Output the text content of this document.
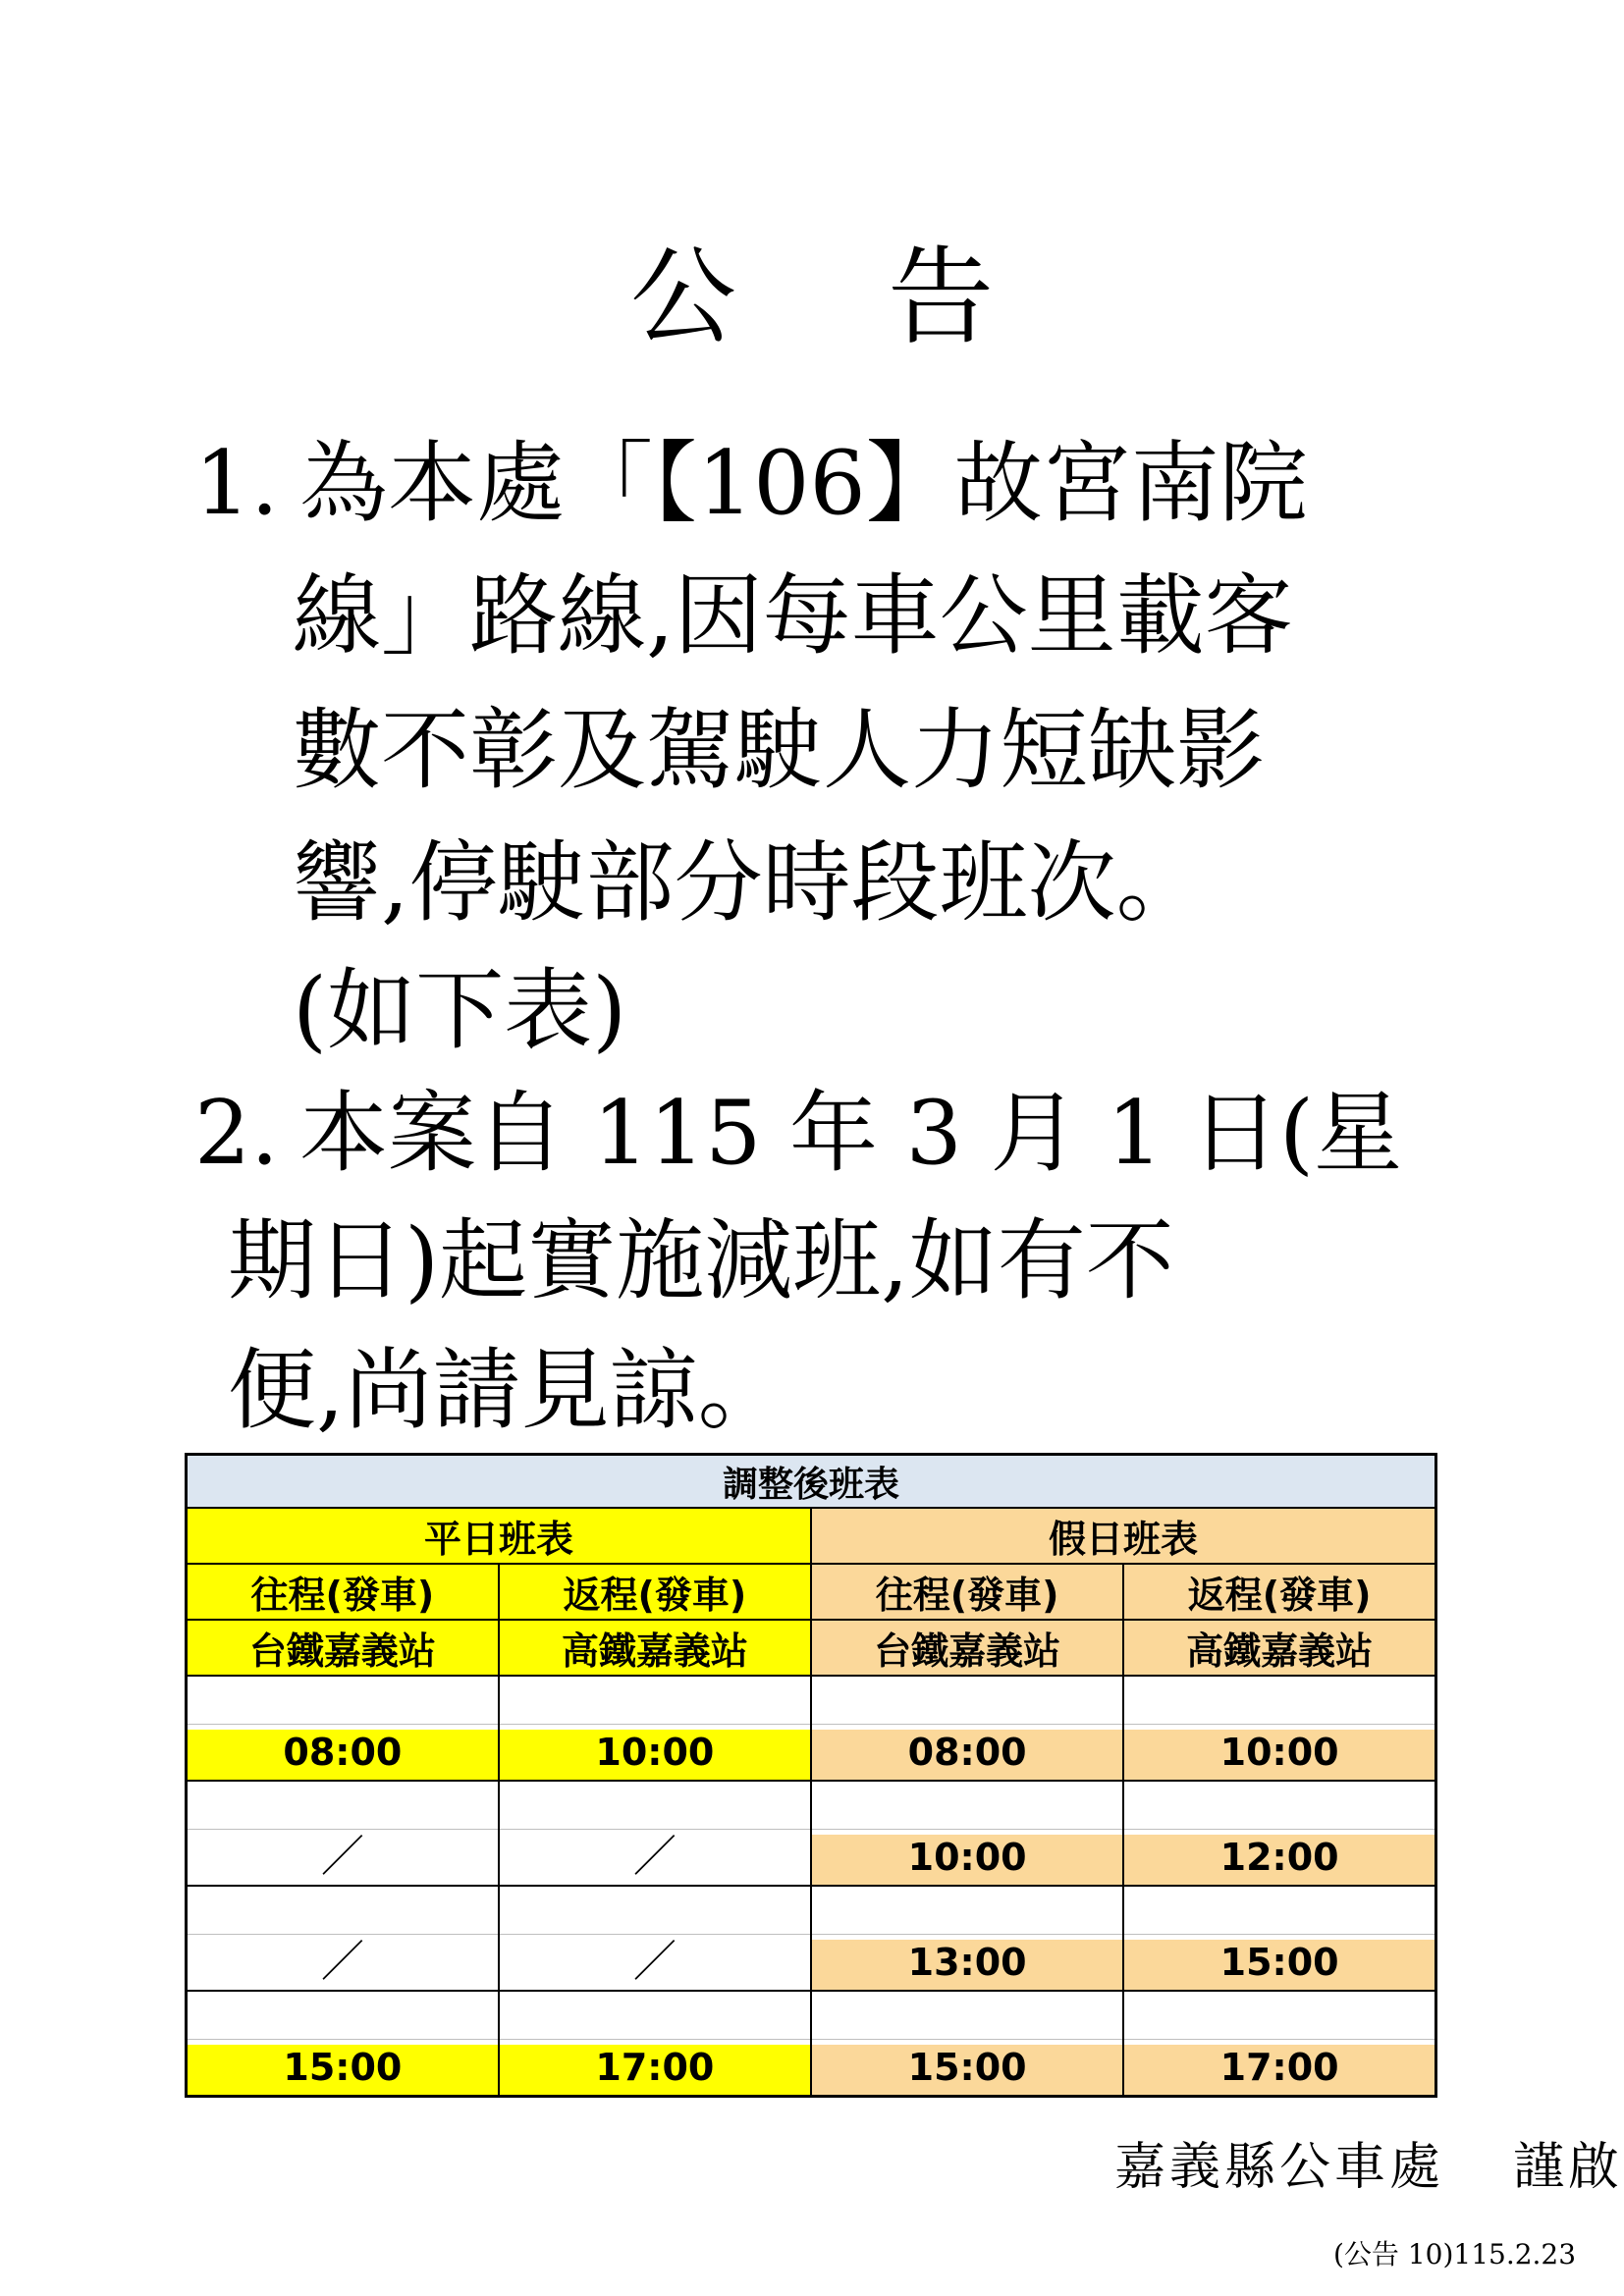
公 告
1. 為本處「【106】故宮南院
線」路線,因每車公里載客
數不彰及駕駛人力短缺影
響,停駛部分時段班次。
(如下表)
2. 本案自 115 年 3 月 1 日(星
期日)起實施減班,如有不
便,尚請見諒。
調整後班表			
平日班表		假日班表	
往程(發車)	返程(發車)	往程(發車)	返程(發車)
台鐵嘉義站	高鐵嘉義站	台鐵嘉義站	高鐵嘉義站

08:00	10:00	08:00	10:00

／	／	10:00	12:00

／	／	13:00	15:00

15:00	17:00	15:00	17:00
嘉義縣公車處 謹啟
(公告 10)115.2.23
